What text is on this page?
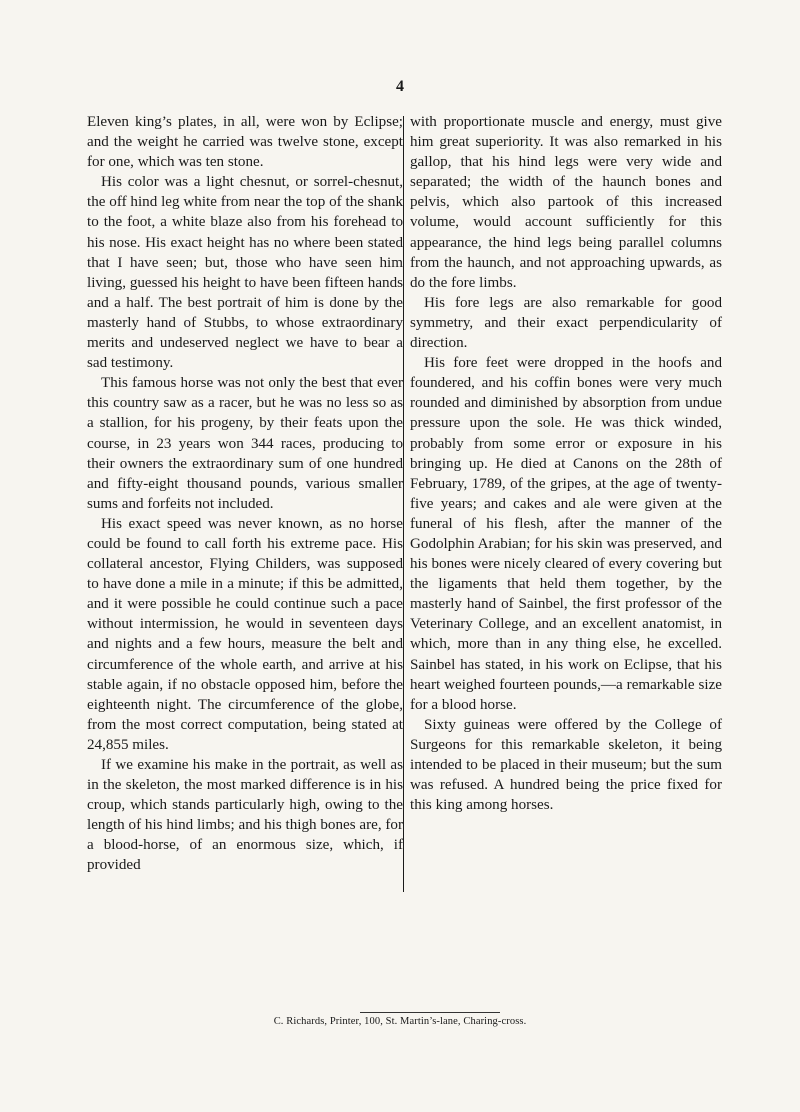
4

Eleven king’s plates, in all, were won by Eclipse; and the weight he carried was twelve stone, except for one, which was ten stone.

His color was a light chesnut, or sorrel-chesnut, the off hind leg white from near the top of the shank to the foot, a white blaze also from his forehead to his nose. His exact height has no where been stated that I have seen; but, those who have seen him living, guessed his height to have been fifteen hands and a half. The best portrait of him is done by the masterly hand of Stubbs, to whose extraordinary merits and undeserved neglect we have to bear a sad testimony.

This famous horse was not only the best that ever this country saw as a racer, but he was no less so as a stallion, for his progeny, by their feats upon the course, in 23 years won 344 races, producing to their owners the extraordinary sum of one hundred and fifty-eight thousand pounds, various smaller sums and forfeits not included.

His exact speed was never known, as no horse could be found to call forth his extreme pace. His collateral ancestor, Flying Childers, was supposed to have done a mile in a minute; if this be admitted, and it were possible he could continue such a pace without intermission, he would in seventeen days and nights and a few hours, measure the belt and circumference of the whole earth, and arrive at his stable again, if no obstacle opposed him, before the eighteenth night. The circumference of the globe, from the most correct computation, being stated at 24,855 miles.

If we examine his make in the portrait, as well as in the skeleton, the most marked difference is in his croup, which stands particularly high, owing to the length of his hind limbs; and his thigh bones are, for a blood-horse, of an enormous size, which, if provided

with proportionate muscle and energy, must give him great superiority. It was also remarked in his gallop, that his hind legs were very wide and separated; the width of the haunch bones and pelvis, which also partook of this increased volume, would account sufficiently for this appearance, the hind legs being parallel columns from the haunch, and not approaching upwards, as do the fore limbs.

His fore legs are also remarkable for good symmetry, and their exact perpendicularity of direction.

His fore feet were dropped in the hoofs and foundered, and his coffin bones were very much rounded and diminished by absorption from undue pressure upon the sole. He was thick winded, probably from some error or exposure in his bringing up. He died at Canons on the 28th of February, 1789, of the gripes, at the age of twenty-five years; and cakes and ale were given at the funeral of his flesh, after the manner of the Godolphin Arabian; for his skin was preserved, and his bones were nicely cleared of every covering but the ligaments that held them together, by the masterly hand of Sainbel, the first professor of the Veterinary College, and an excellent anatomist, in which, more than in any thing else, he excelled. Sainbel has stated, in his work on Eclipse, that his heart weighed fourteen pounds,—a remarkable size for a blood horse.

Sixty guineas were offered by the College of Surgeons for this remarkable skeleton, it being intended to be placed in their museum; but the sum was refused. A hundred being the price fixed for this king among horses.

C. Richards, Printer, 100, St. Martin’s-lane, Charing-cross.
